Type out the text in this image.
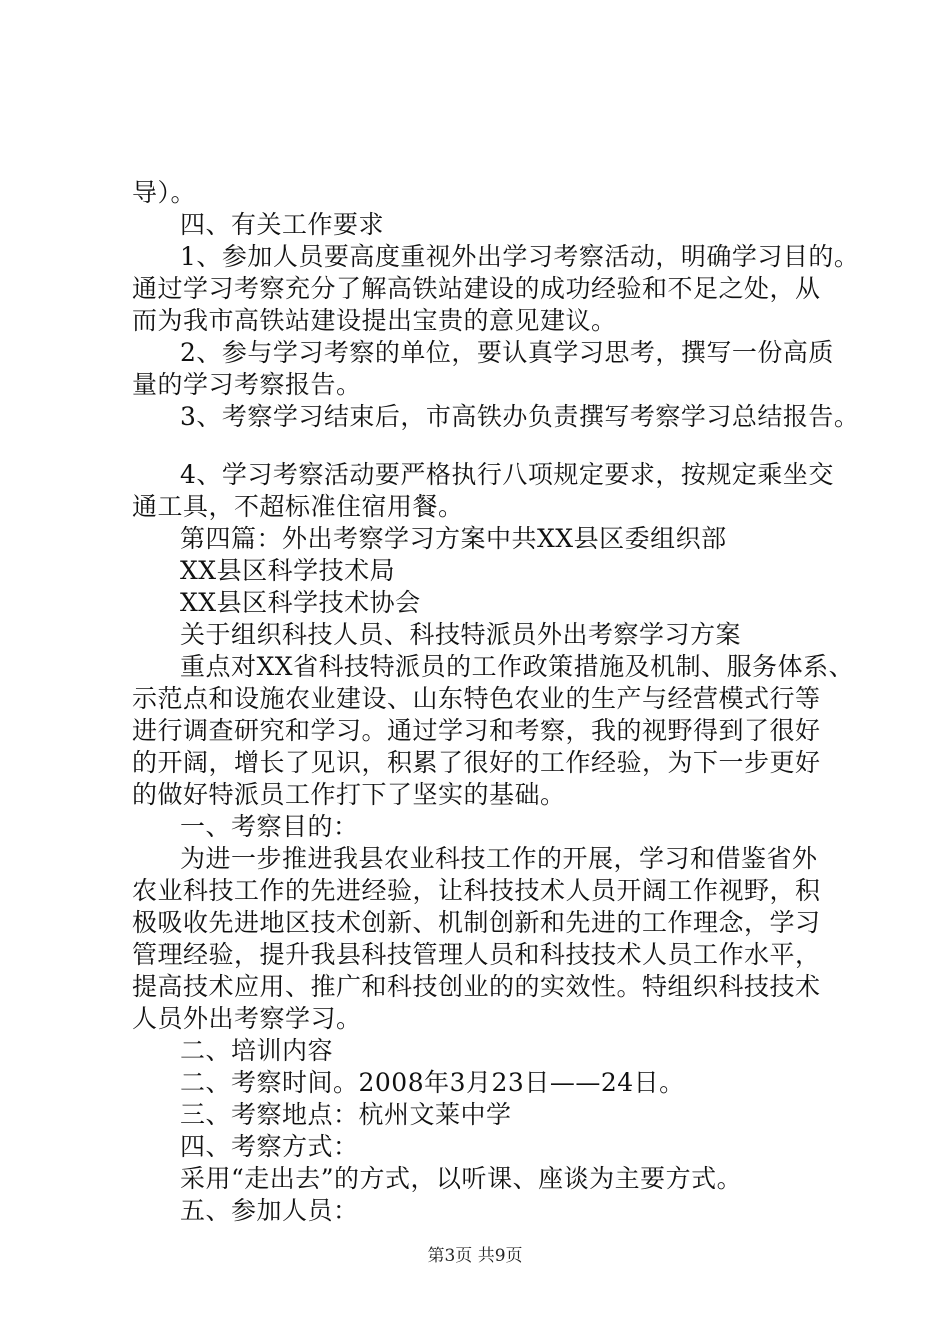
导）。
四、有关工作要求
1、参加人员要高度重视外出学习考察活动，明确学习目的。
通过学习考察充分了解高铁站建设的成功经验和不足之处，从
而为我市高铁站建设提出宝贵的意见建议。
2、参与学习考察的单位，要认真学习思考，撰写一份高质
量的学习考察报告。
3、考察学习结束后，市高铁办负责撰写考察学习总结报告。
4、学习考察活动要严格执行八项规定要求，按规定乘坐交
通工具，不超标准住宿用餐。
第四篇：外出考察学习方案中共XX县区委组织部
XX县区科学技术局
XX县区科学技术协会
关于组织科技人员、科技特派员外出考察学习方案
重点对XX省科技特派员的工作政策措施及机制、服务体系、
示范点和设施农业建设、山东特色农业的生产与经营模式行等
进行调查研究和学习。通过学习和考察，我的视野得到了很好
的开阔，增长了见识，积累了很好的工作经验，为下一步更好
的做好特派员工作打下了坚实的基础。
一、考察目的：
为进一步推进我县农业科技工作的开展，学习和借鉴省外
农业科技工作的先进经验，让科技技术人员开阔工作视野，积
极吸收先进地区技术创新、机制创新和先进的工作理念，学习
管理经验，提升我县科技管理人员和科技技术人员工作水平，
提高技术应用、推广和科技创业的的实效性。特组织科技技术
人员外出考察学习。
二、培训内容
二、考察时间。2008年3月23日——24日。
三、考察地点：杭州文莱中学
四、考察方式：
采用“走出去”的方式，以听课、座谈为主要方式。
五、参加人员：
第3页 共9页
